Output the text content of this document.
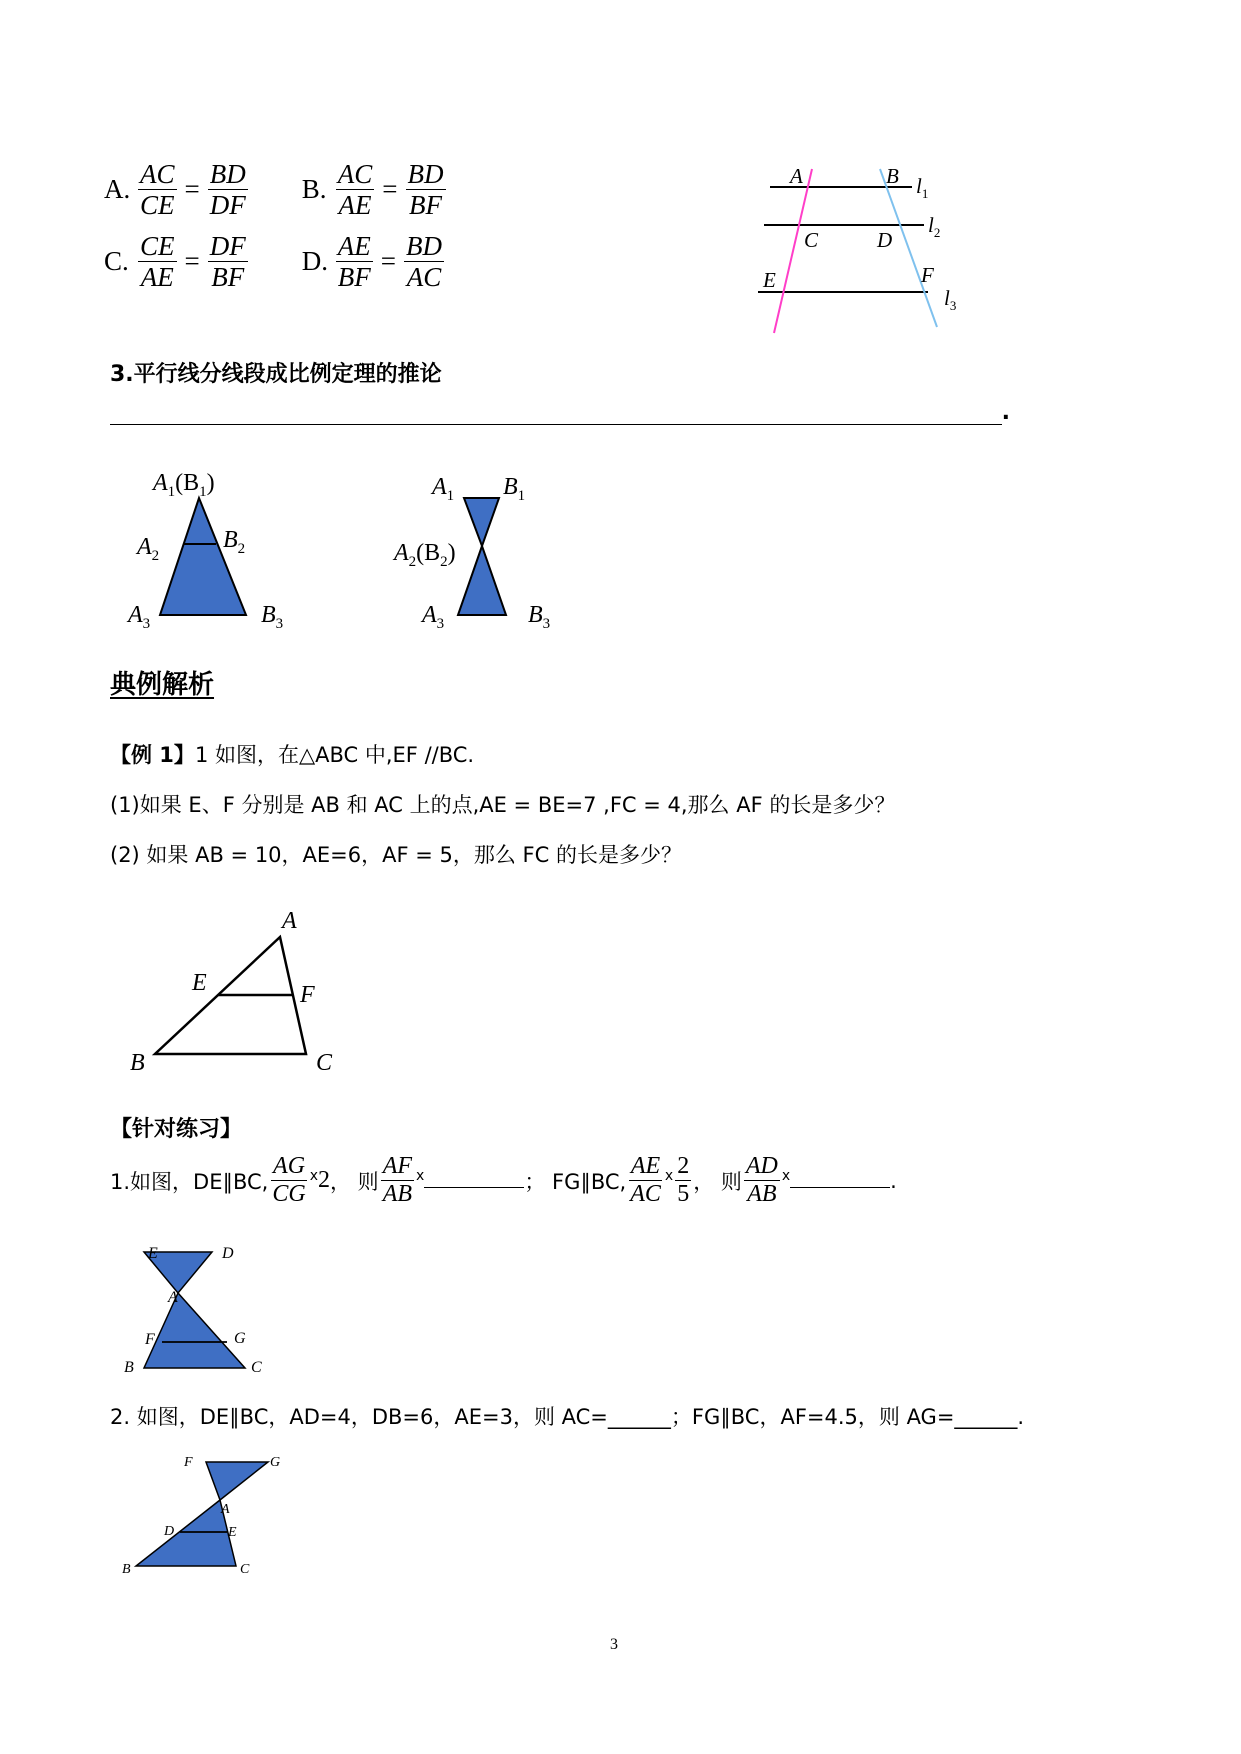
A. $\frac{AC}{CE} = \frac{BD}{DF} B$. $\frac{AC}{AE} = \frac{BD}{BF}$
C. $\frac{CE}{AE} = \frac{DF}{BF} D$. $\frac{AE}{BF} = \frac{BD}{AC}$
A	B
C	D
E	F
$l_1$
$l_2$
$l_3$
3.平行线分线段成比例定理的推论
.
$A_1(B_1)$
$A_2$
$B_2$
$A_3$	$B_3$
$A_1$ $B_1$
$A_2(B_2)$
$A_3$	$B_3$
典例解析
【例 1】1 如图，在△ABC 中,EF //BC.
(1)如果 E、F 分别是 AB 和 AC 上的点,AE = BE=7 ,FC = 4,那么 AF 的长是多少？
(2) 如果 AB = 10，AE=6，AF = 5，那么 FC 的长是多少？
A
E	F
B	C
【针对练习】
1.如图，DE∥BC, $\frac{AG}{CG}$ ⅹ 2 ， 则 $\frac{AF}{AB}$ ⅹ	； FG∥BC, $\frac{AE}{AC}$ ⅹ $\frac{2}{5}$ ， 则 $\frac{AD}{AB}$ ⅹ	.
E	D
A
F	G
B	C
2. 如图，DE∥BC，AD=4，DB=6，AE=3，则 AC=______；FG∥BC，AF=4.5，则 AG=______.
F	G
A
D	E
B	C
3
